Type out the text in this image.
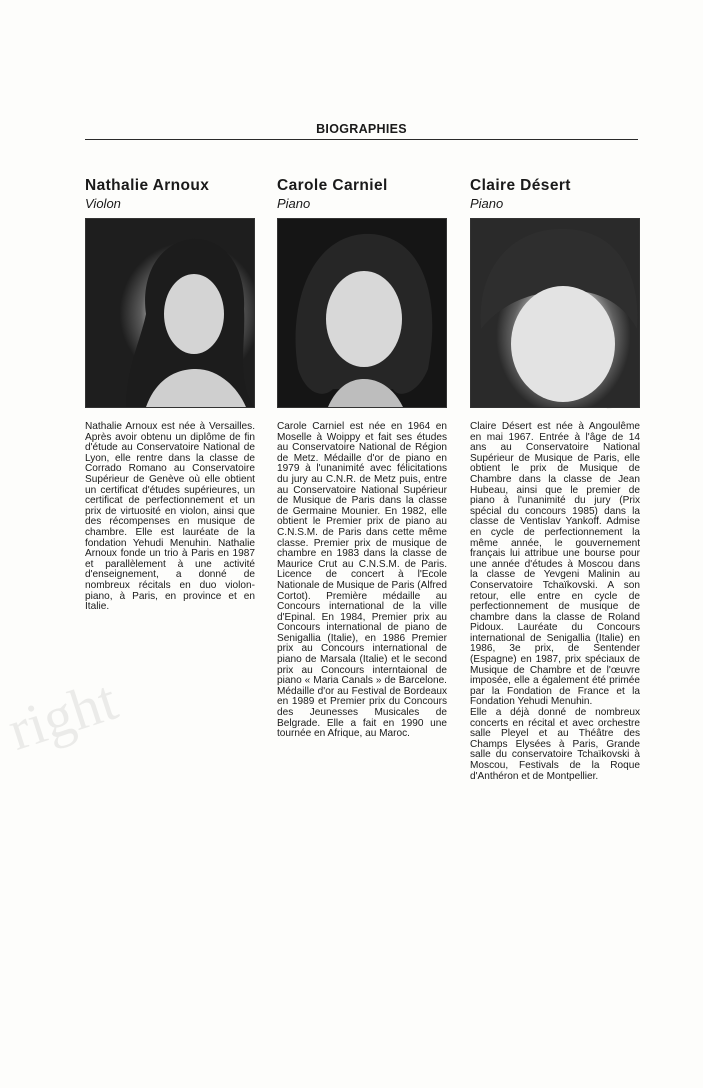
right
BIOGRAPHIES
Nathalie Arnoux
Violon

Nathalie Arnoux est née à Versailles. Après avoir obtenu un diplôme de fin d'étude au Conservatoire National de Lyon, elle rentre dans la classe de Corrado Romano au Conservatoire Supérieur de Genève où elle obtient un certificat d'études supérieures, un certificat de perfectionnement et un prix de virtuosité en violon, ainsi que des récompenses en musique de chambre. Elle est lauréate de la fondation Yehudi Menuhin. Nathalie Arnoux fonde un trio à Paris en 1987 et parallèlement à une activité d'enseignement, a donné de nombreux récitals en duo violon-piano, à Paris, en province et en Italie.

Carole Carniel
Piano

Carole Carniel est née en 1964 en Moselle à Woippy et fait ses études au Conservatoire National de Région de Metz. Médaille d'or de piano en 1979 à l'unanimité avec félicitations du jury au C.N.R. de Metz puis, entre au Conservatoire National Supérieur de Musique de Paris dans la classe de Germaine Mounier. En 1982, elle obtient le Premier prix de piano au C.N.S.M. de Paris dans cette même classe. Premier prix de musique de chambre en 1983 dans la classe de Maurice Crut au C.N.S.M. de Paris. Licence de concert à l'Ecole Nationale de Musique de Paris (Alfred Cortot). Première médaille au Concours international de la ville d'Epinal. En 1984, Premier prix au Concours international de piano de Senigallia (Italie), en 1986 Premier prix au Concours international de piano de Marsala (Italie) et le second prix au Concours interntaional de piano « Maria Canals » de Barcelone. Médaille d'or au Festival de Bordeaux en 1989 et Premier prix du Concours des Jeunesses Musicales de Belgrade. Elle a fait en 1990 une tournée en Afrique, au Maroc.

Claire Désert
Piano

Claire Désert est née à Angoulême en mai 1967. Entrée à l'âge de 14 ans au Conservatoire National Supérieur de Musique de Paris, elle obtient le prix de Musique de Chambre dans la classe de Jean Hubeau, ainsi que le premier de piano à l'unanimité du jury (Prix spécial du concours 1985) dans la classe de Ventislav Yankoff. Admise en cycle de perfectionnement la même année, le gouvernement français lui attribue une bourse pour une année d'études à Moscou dans la classe de Yevgeni Malinin au Conservatoire Tchaïkovski. A son retour, elle entre en cycle de perfectionnement de musique de chambre dans la classe de Roland Pidoux. Lauréate du Concours international de Senigallia (Italie) en 1986, 3e prix, de Sentender (Espagne) en 1987, prix spéciaux de Musique de Chambre et de l'œuvre imposée, elle a également été primée par la Fondation de France et la Fondation Yehudi Menuhin.

Elle a déjà donné de nombreux concerts en récital et avec orchestre salle Pleyel et au Théâtre des Champs Elysées à Paris, Grande salle du conservatoire Tchaïkovski à Moscou, Festivals de la Roque d'Anthéron et de Montpellier.
